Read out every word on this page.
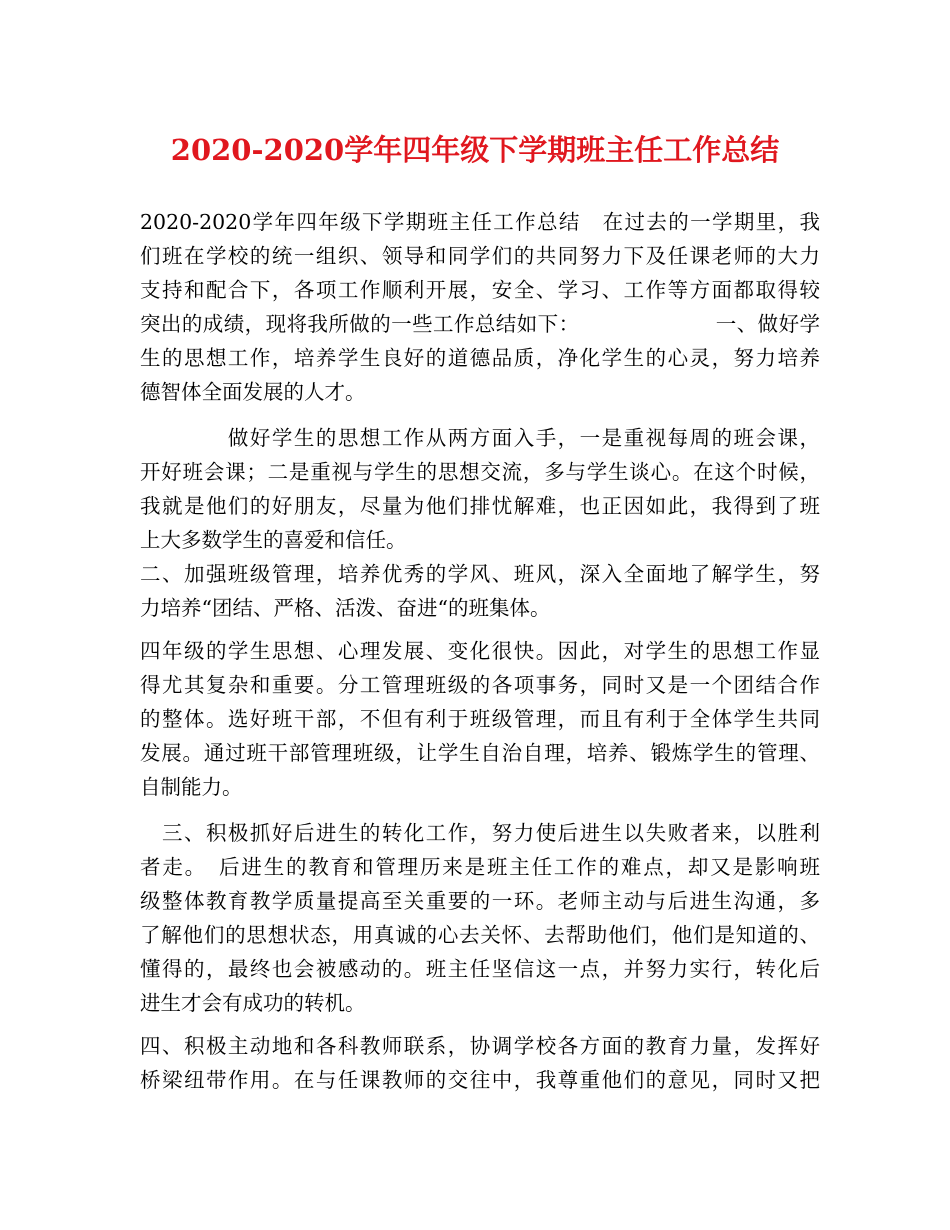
2020-2020学年四年级下学期班主任工作总结

2020-2020学年四年级下学期班主任工作总结　在过去的一学期里，我

们班在学校的统一组织、领导和同学们的共同努力下及任课老师的大力

支持和配合下，各项工作顺利开展，安全、学习、工作等方面都取得较

突出的成绩，现将我所做的一些工作总结如下：　　　　　　　一、做好学

生的思想工作，培养学生良好的道德品质，净化学生的心灵，努力培养

德智体全面发展的人才。

　　　　做好学生的思想工作从两方面入手，一是重视每周的班会课，

开好班会课；二是重视与学生的思想交流，多与学生谈心。在这个时候，

我就是他们的好朋友，尽量为他们排忧解难，也正因如此，我得到了班

上大多数学生的喜爱和信任。

二、加强班级管理，培养优秀的学风、班风，深入全面地了解学生，努

力培养“团结、严格、活泼、奋进“的班集体。

四年级的学生思想、心理发展、变化很快。因此，对学生的思想工作显

得尤其复杂和重要。分工管理班级的各项事务，同时又是一个团结合作

的整体。选好班干部，不但有利于班级管理，而且有利于全体学生共同

发展。通过班干部管理班级，让学生自治自理，培养、锻炼学生的管理、

自制能力。

　三、积极抓好后进生的转化工作，努力使后进生以失败者来，以胜利

者走。　后进生的教育和管理历来是班主任工作的难点，却又是影响班

级整体教育教学质量提高至关重要的一环。老师主动与后进生沟通，多

了解他们的思想状态，用真诚的心去关怀、去帮助他们，他们是知道的、

懂得的，最终也会被感动的。班主任坚信这一点，并努力实行，转化后

进生才会有成功的转机。

四、积极主动地和各科教师联系，协调学校各方面的教育力量，发挥好

桥梁纽带作用。在与任课教师的交往中，我尊重他们的意见，同时又把
